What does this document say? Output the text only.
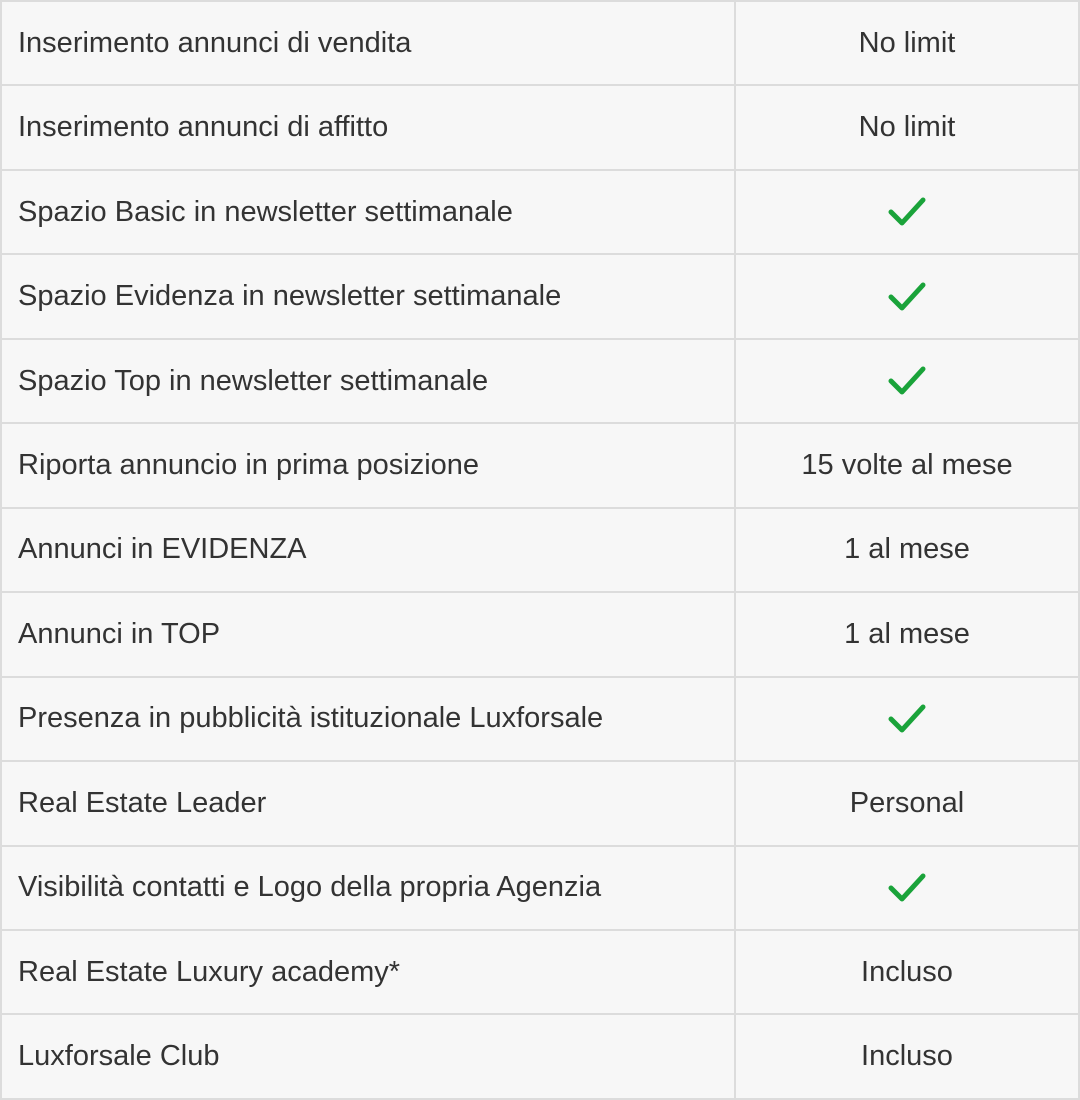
Inserimento annunci di vendita	No limit
Inserimento annunci di affitto	No limit
Spazio Basic in newsletter settimanale	
Spazio Evidenza in newsletter settimanale	
Spazio Top in newsletter settimanale	
Riporta annuncio in prima posizione	15 volte al mese
Annunci in EVIDENZA	1 al mese
Annunci in TOP	1 al mese
Presenza in pubblicità istituzionale Luxforsale	
Real Estate Leader	Personal
Visibilità contatti e Logo della propria Agenzia	
Real Estate Luxury academy*	Incluso
Luxforsale Club	Incluso
